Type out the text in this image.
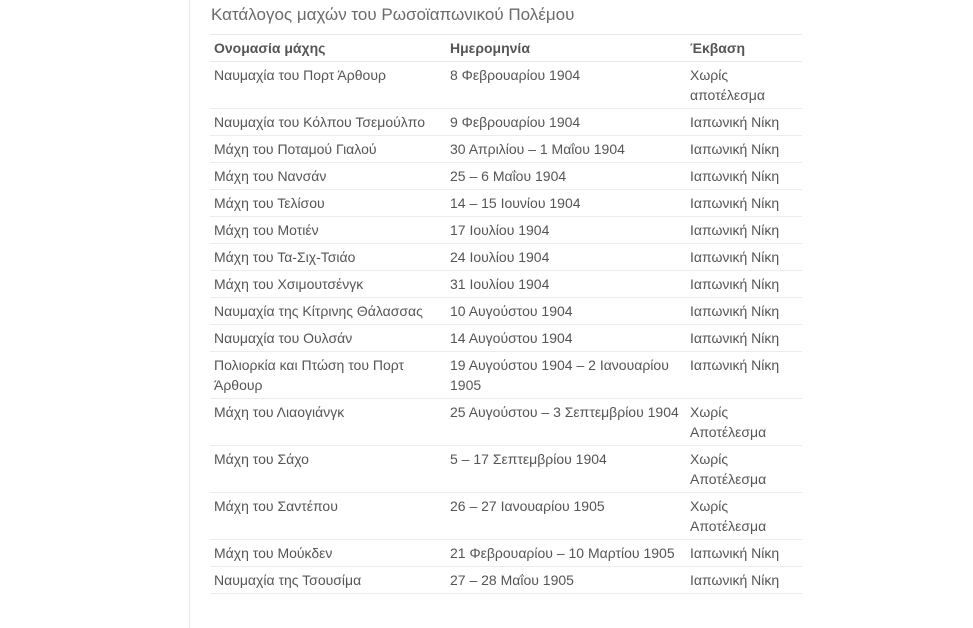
Κατάλογος μαχών του Ρωσοϊαπωνικού Πολέμου
Ονομασία μάχης	Ημερομηνία	Έκβαση
Ναυμαχία του Πορτ Άρθουρ	8 Φεβρουαρίου 1904	Χωρίς αποτέλεσμα
Ναυμαχία του Κόλπου Τσεμούλπο	9 Φεβρουαρίου 1904	Ιαπωνική Νίκη
Μάχη του Ποταμού Γιαλού	30 Απριλίου – 1 Μαΐου 1904	Ιαπωνική Νίκη
Μάχη του Νανσάν	25 – 6 Μαΐου 1904	Ιαπωνική Νίκη
Μάχη του Τελίσου	14 – 15 Ιουνίου 1904	Ιαπωνική Νίκη
Μάχη του Μοτιέν	17 Ιουλίου 1904	Ιαπωνική Νίκη
Μάχη του Τα-Σιχ-Τσιάο	24 Ιουλίου 1904	Ιαπωνική Νίκη
Μάχη του Χσιμουτσένγκ	31 Ιουλίου 1904	Ιαπωνική Νίκη
Ναυμαχία της Κίτρινης Θάλασσας	10 Αυγούστου 1904	Ιαπωνική Νίκη
Ναυμαχία του Ουλσάν	14 Αυγούστου 1904	Ιαπωνική Νίκη
Πολιορκία και Πτώση του Πορτ Άρθουρ	19 Αυγούστου 1904 – 2 Ιανουαρίου 1905	Ιαπωνική Νίκη
Μάχη του Λιαογιάνγκ	25 Αυγούστου – 3 Σεπτεμβρίου 1904	Χωρίς Αποτέλεσμα
Μάχη του Σάχο	5 – 17 Σεπτεμβρίου 1904	Χωρίς Αποτέλεσμα
Μάχη του Σαντέπου	26 – 27 Ιανουαρίου 1905	Χωρίς Αποτέλεσμα
Μάχη του Μούκδεν	21 Φεβρουαρίου – 10 Μαρτίου 1905	Ιαπωνική Νίκη
Ναυμαχία της Τσουσίμα	27 – 28 Μαΐου 1905	Ιαπωνική Νίκη
